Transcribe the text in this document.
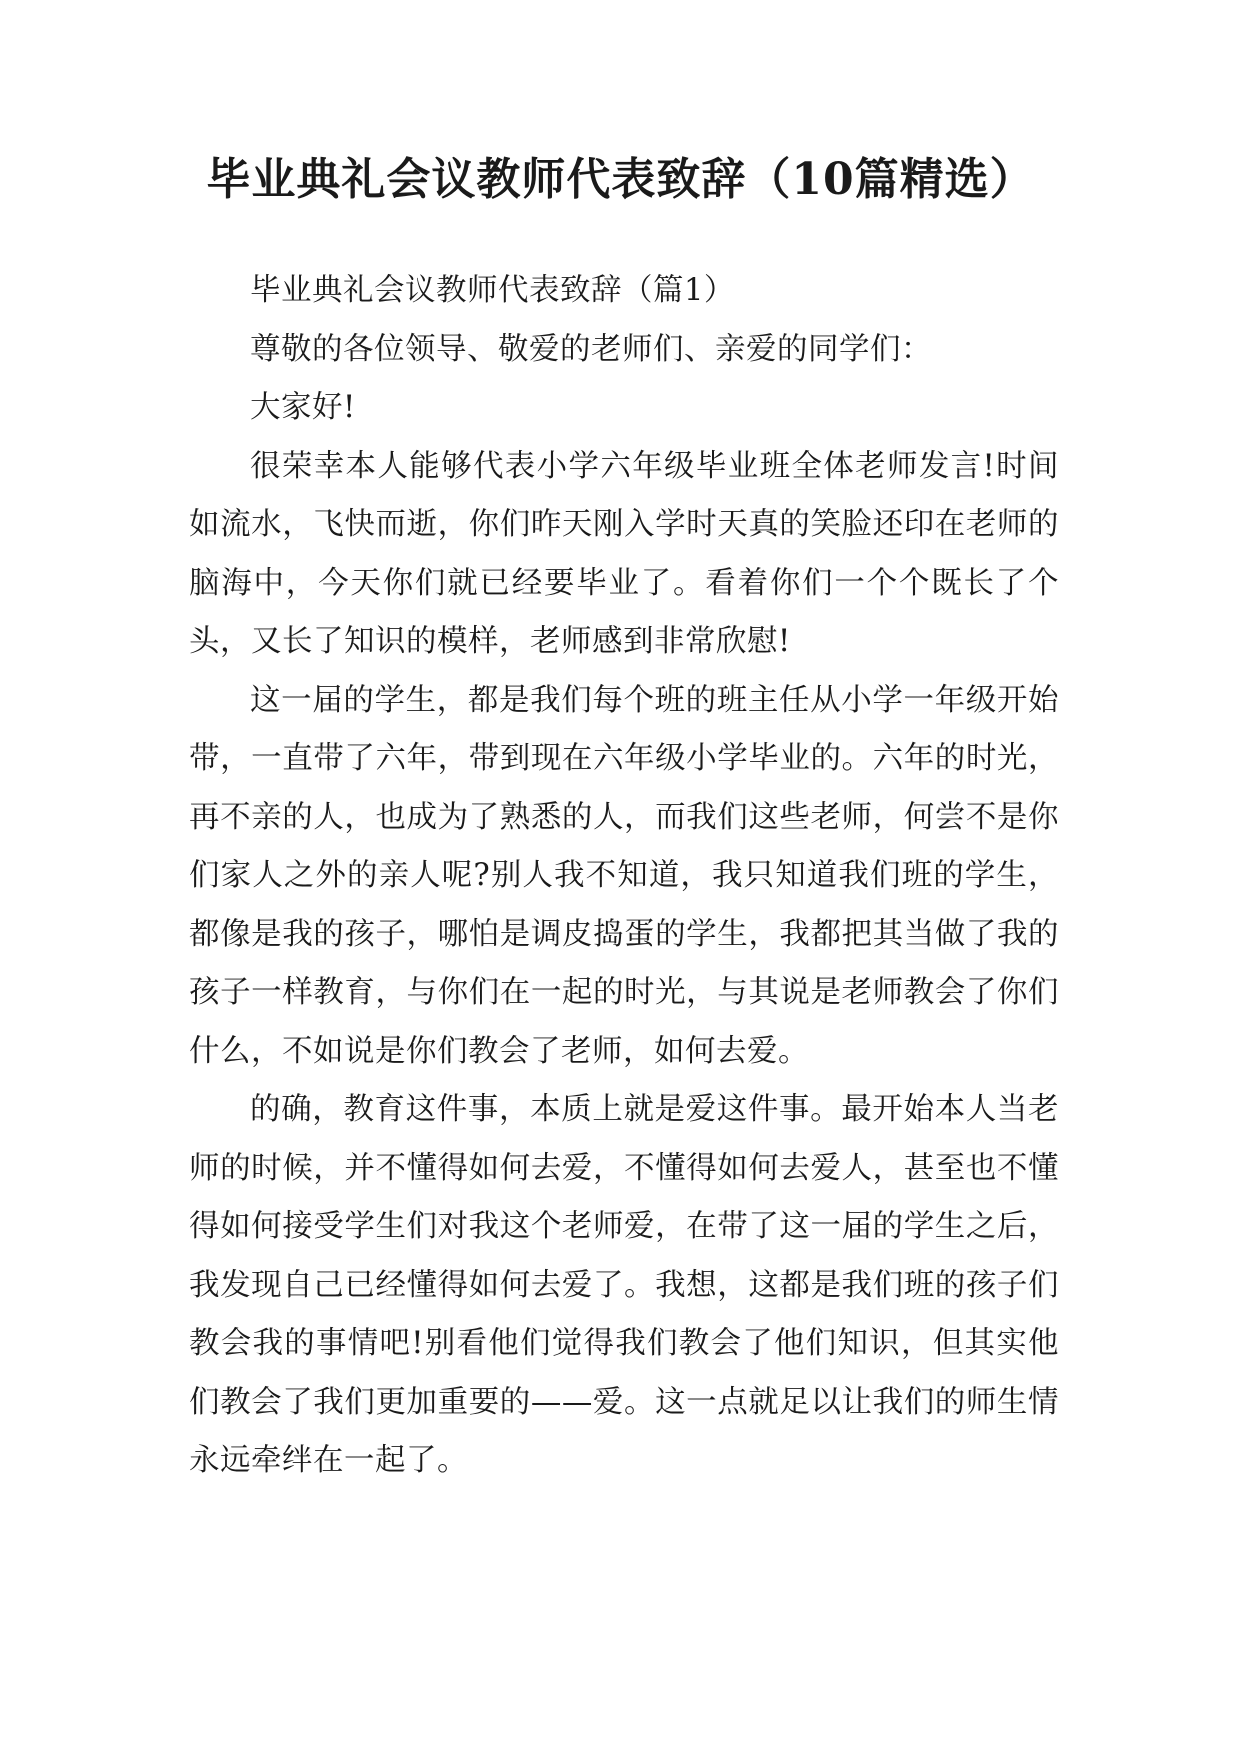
毕业典礼会议教师代表致辞（10篇精选）

毕业典礼会议教师代表致辞（篇1）

尊敬的各位领导、敬爱的老师们、亲爱的同学们：

大家好!

很荣幸本人能够代表小学六年级毕业班全体老师发言!时间如流水，飞快而逝，你们昨天刚入学时天真的笑脸还印在老师的脑海中，今天你们就已经要毕业了。看着你们一个个既长了个头，又长了知识的模样，老师感到非常欣慰!

这一届的学生，都是我们每个班的班主任从小学一年级开始带，一直带了六年，带到现在六年级小学毕业的。六年的时光，再不亲的人，也成为了熟悉的人，而我们这些老师，何尝不是你们家人之外的亲人呢?别人我不知道，我只知道我们班的学生，都像是我的孩子，哪怕是调皮捣蛋的学生，我都把其当做了我的孩子一样教育，与你们在一起的时光，与其说是老师教会了你们什么，不如说是你们教会了老师，如何去爱。

的确，教育这件事，本质上就是爱这件事。最开始本人当老师的时候，并不懂得如何去爱，不懂得如何去爱人，甚至也不懂得如何接受学生们对我这个老师爱，在带了这一届的学生之后，我发现自己已经懂得如何去爱了。我想，这都是我们班的孩子们教会我的事情吧!别看他们觉得我们教会了他们知识，但其实他们教会了我们更加重要的——爱。这一点就足以让我们的师生情永远牵绊在一起了。
